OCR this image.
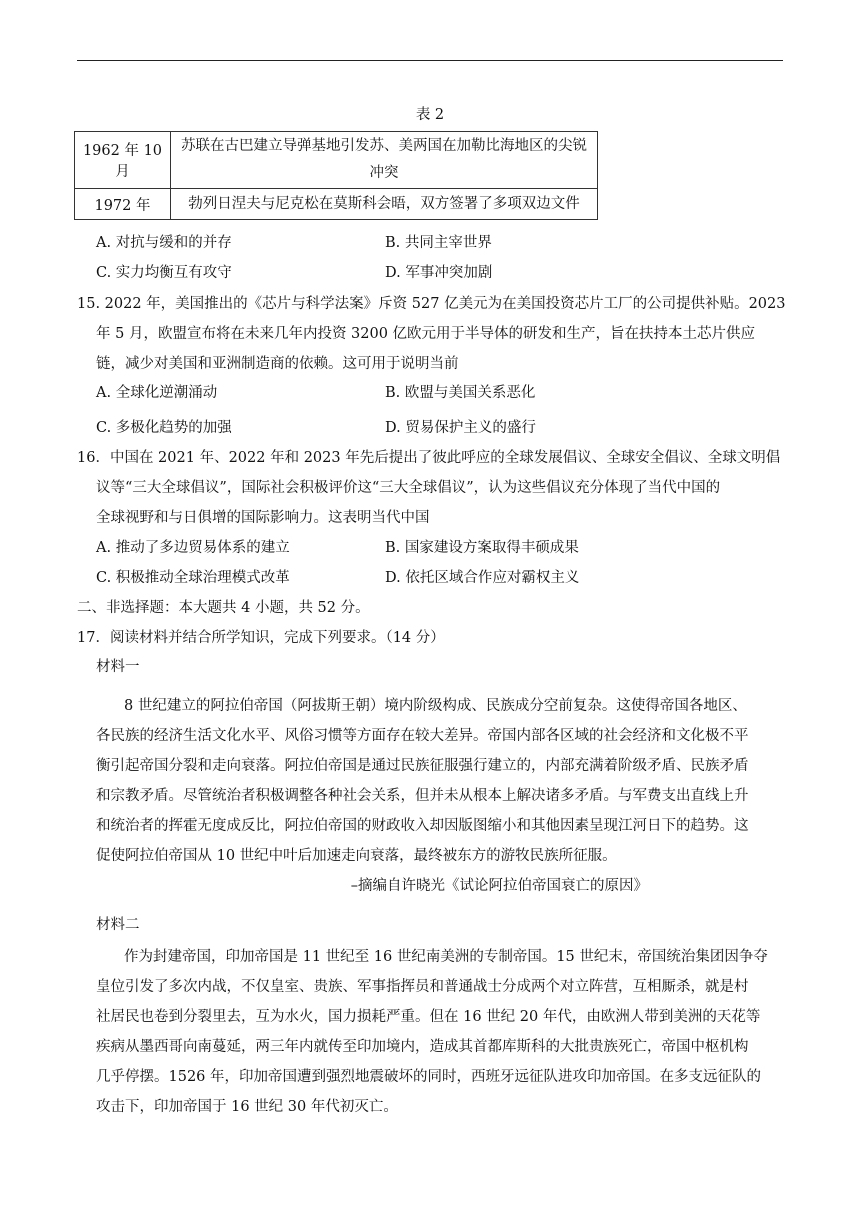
表 2
1962 年 10 月	苏联在古巴建立导弹基地引发苏、美两国在加勒比海地区的尖锐冲突
1972 年	勃列日涅夫与尼克松在莫斯科会晤，双方签署了多项双边文件
A. 对抗与缓和的并存	B. 共同主宰世界
C. 实力均衡互有攻守	D. 军事冲突加剧
15. 2022 年，美国推出的《芯片与科学法案》斥资 527 亿美元为在美国投资芯片工厂的公司提供补贴。2023
年 5 月，欧盟宣布将在未来几年内投资 3200 亿欧元用于半导体的研发和生产，旨在扶持本土芯片供应
链，减少对美国和亚洲制造商的依赖。这可用于说明当前
A. 全球化逆潮涌动	B. 欧盟与美国关系恶化
C. 多极化趋势的加强	D. 贸易保护主义的盛行
16．中国在 2021 年、2022 年和 2023 年先后提出了彼此呼应的全球发展倡议、全球安全倡议、全球文明倡
议等“三大全球倡议”，国际社会积极评价这“三大全球倡议”，认为这些倡议充分体现了当代中国的
全球视野和与日俱增的国际影响力。这表明当代中国
A. 推动了多边贸易体系的建立	B. 国家建设方案取得丰硕成果
C. 积极推动全球治理模式改革	D. 依托区域合作应对霸权主义
二、非选择题：本大题共 4 小题，共 52 分。
17．阅读材料并结合所学知识，完成下列要求。（14 分）
材料一
8 世纪建立的阿拉伯帝国（阿拔斯王朝）境内阶级构成、民族成分空前复杂。这使得帝国各地区、
各民族的经济生活文化水平、风俗习惯等方面存在较大差异。帝国内部各区域的社会经济和文化极不平
衡引起帝国分裂和走向衰落。阿拉伯帝国是通过民族征服强行建立的，内部充满着阶级矛盾、民族矛盾
和宗教矛盾。尽管统治者积极调整各种社会关系，但并未从根本上解决诸多矛盾。与军费支出直线上升
和统治者的挥霍无度成反比，阿拉伯帝国的财政收入却因版图缩小和其他因素呈现江河日下的趋势。这
促使阿拉伯帝国从 10 世纪中叶后加速走向衰落，最终被东方的游牧民族所征服。
–摘编自许晓光《试论阿拉伯帝国衰亡的原因》
材料二
作为封建帝国，印加帝国是 11 世纪至 16 世纪南美洲的专制帝国。15 世纪末，帝国统治集团因争夺
皇位引发了多次内战，不仅皇室、贵族、军事指挥员和普通战士分成两个对立阵营，互相厮杀，就是村
社居民也卷到分裂里去，互为水火，国力损耗严重。但在 16 世纪 20 年代，由欧洲人带到美洲的天花等
疾病从墨西哥向南蔓延，两三年内就传至印加境内，造成其首都库斯科的大批贵族死亡，帝国中枢机构
几乎停摆。1526 年，印加帝国遭到强烈地震破坏的同时，西班牙远征队进攻印加帝国。在多支远征队的
攻击下，印加帝国于 16 世纪 30 年代初灭亡。
